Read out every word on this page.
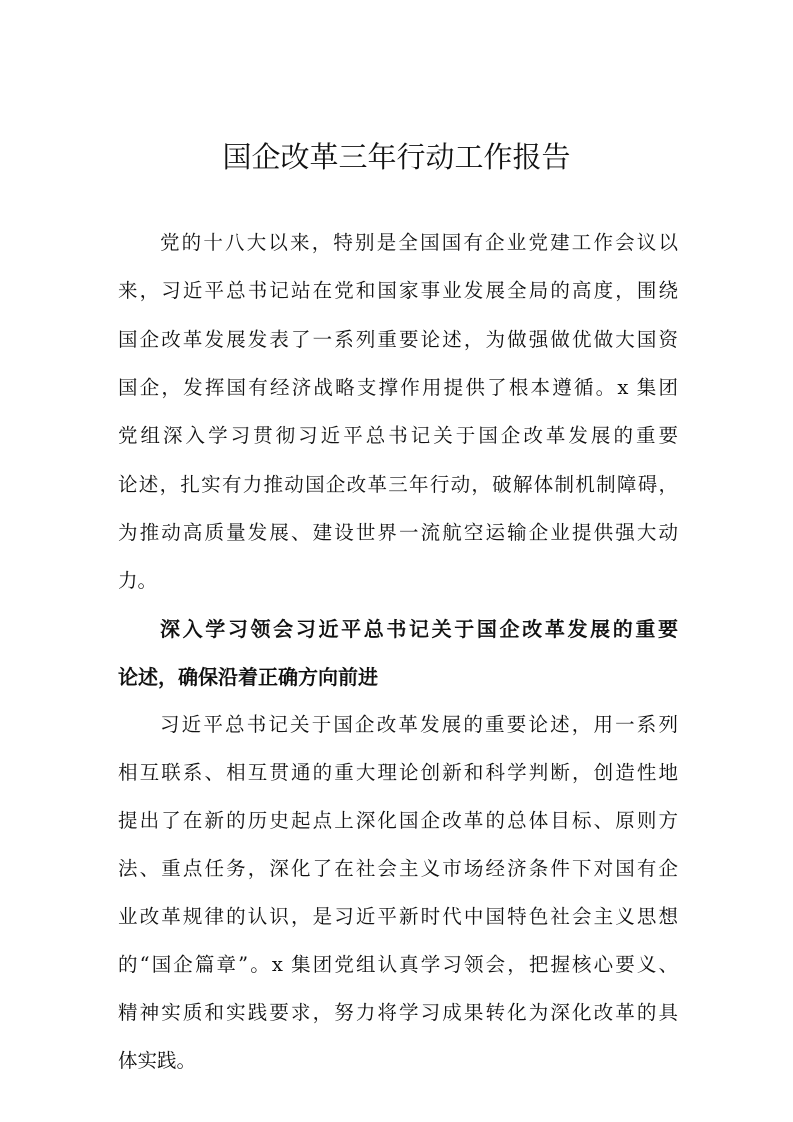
国企改革三年行动工作报告
党的十八大以来，特别是全国国有企业党建工作会议以
来，习近平总书记站在党和国家事业发展全局的高度，围绕
国企改革发展发表了一系列重要论述，为做强做优做大国资
国企，发挥国有经济战略支撑作用提供了根本遵循。x 集团
党组深入学习贯彻习近平总书记关于国企改革发展的重要
论述，扎实有力推动国企改革三年行动，破解体制机制障碍，
为推动高质量发展、建设世界一流航空运输企业提供强大动
力。
深入学习领会习近平总书记关于国企改革发展的重要
论述，确保沿着正确方向前进
习近平总书记关于国企改革发展的重要论述，用一系列
相互联系、相互贯通的重大理论创新和科学判断，创造性地
提出了在新的历史起点上深化国企改革的总体目标、原则方
法、重点任务，深化了在社会主义市场经济条件下对国有企
业改革规律的认识，是习近平新时代中国特色社会主义思想
的“国企篇章”。x 集团党组认真学习领会，把握核心要义、
精神实质和实践要求，努力将学习成果转化为深化改革的具
体实践。
